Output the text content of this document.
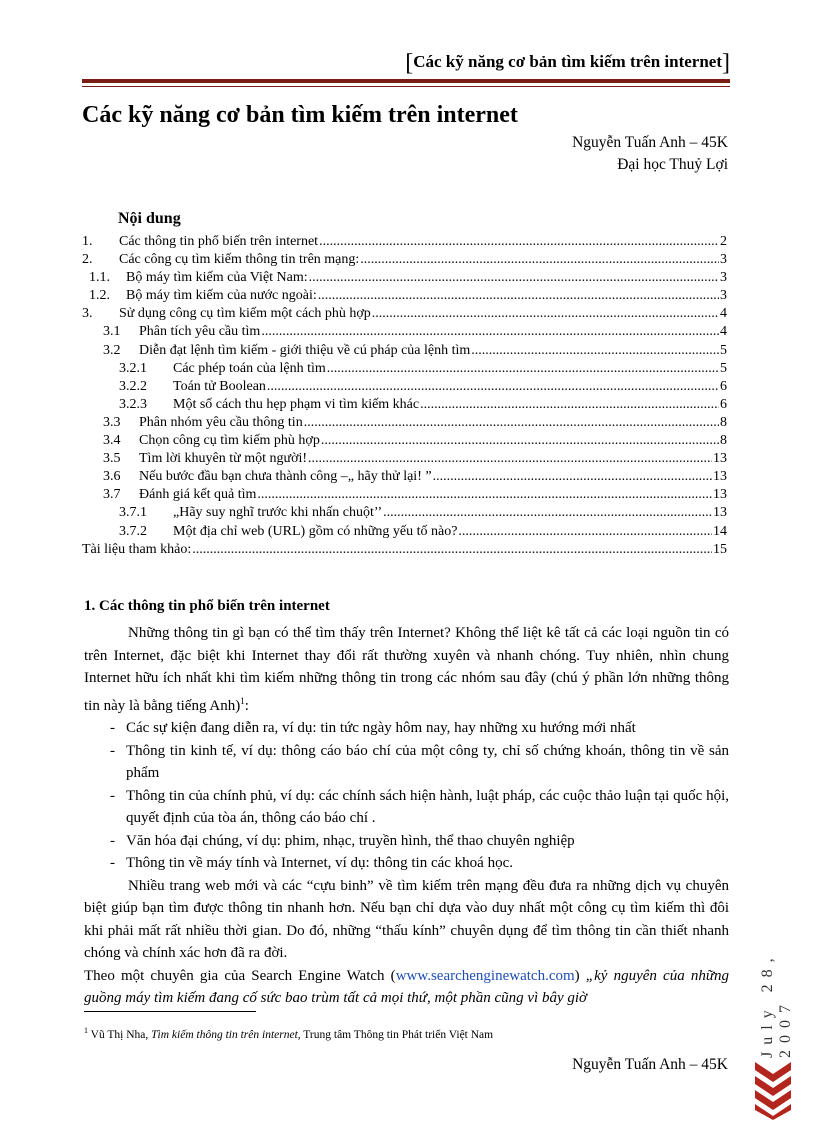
[Các kỹ năng cơ bản tìm kiếm trên internet]
Các kỹ năng cơ bản tìm kiếm trên internet
Nguyễn Tuấn Anh – 45K
Đại học Thuỷ Lợi
Nội dung
1.	Các thông tin phổ biến trên internet .....	2
2.	Các công cụ tìm kiếm thông tin trên mạng: .....	3
1.1.	Bộ máy tìm kiếm của Việt Nam: .....	3
1.2.	Bộ máy tìm kiếm của nước ngoài: .....	3
3.	Sử dụng công cụ tìm kiếm một cách phù hợp .....	4
3.1	Phân tích yêu cầu tìm .....	4
3.2	Diễn đạt lệnh tìm kiếm - giới thiệu về cú pháp của lệnh tìm .....	5
3.2.1	Các phép toán của lệnh tìm .....	5
3.2.2	Toán tử Boolean .....	6
3.2.3	Một số cách thu hẹp phạm vi tìm kiếm khác .....	6
3.3	Phân nhóm yêu cầu thông tin .....	8
3.4	Chọn công cụ tìm kiếm phù hợp .....	8
3.5	Tìm lời khuyên từ một người! .....	13
3.6	Nếu bước đầu bạn chưa thành công –„ hãy thử lại! ” .....	13
3.7	Đánh giá kết quả tìm .....	13
3.7.1	„Hãy suy nghĩ trước khi nhấn chuột’’ .....	13
3.7.2	Một địa chỉ web (URL) gồm có những yếu tố nào? .....	14
Tài liệu tham khảo: .....	15
1. Các thông tin phổ biến trên internet

Những thông tin gì bạn có thể tìm thấy trên Internet? Không thể liệt kê tất cả các loại nguồn tin có trên Internet, đặc biệt khi Internet thay đổi rất thường xuyên và nhanh chóng. Tuy nhiên, nhìn chung Internet hữu ích nhất khi tìm kiếm những thông tin trong các nhóm sau đây (chú ý phần lớn những thông tin này là bằng tiếng Anh)$^1$:

- Các sự kiện đang diễn ra, ví dụ: tin tức ngày hôm nay, hay những xu hướng mới nhất
- Thông tin kinh tế, ví dụ: thông cáo báo chí của một công ty, chỉ số chứng khoán, thông tin về sản phẩm
- Thông tin của chính phủ, ví dụ: các chính sách hiện hành, luật pháp, các cuộc thảo luận tại quốc hội, quyết định của tòa án, thông cáo báo chí .
- Văn hóa đại chúng, ví dụ: phim, nhạc, truyền hình, thể thao chuyên nghiệp
- Thông tin về máy tính và Internet, ví dụ: thông tin các khoá học.

Nhiều trang web mới và các “cựu binh” về tìm kiếm trên mạng đều đưa ra những dịch vụ chuyên biệt giúp bạn tìm được thông tin nhanh hơn. Nếu bạn chỉ dựa vào duy nhất một công cụ tìm kiếm thì đôi khi phải mất rất nhiều thời gian. Do đó, những “thấu kính” chuyên dụng để tìm thông tin cần thiết nhanh chóng và chính xác hơn đã ra đời.

Theo một chuyên gia của Search Engine Watch (www.searchenginewatch.com) „kỷ nguyên của những guồng máy tìm kiếm đang cố sức bao trùm tất cả mọi thứ, một phần cũng vì bây giờ

$^1$ Vũ Thị Nha, Tìm kiếm thông tin trên internet, Trung tâm Thông tin Phát triển Việt Nam
Nguyễn Tuấn Anh – 45K
July 28, 2007
